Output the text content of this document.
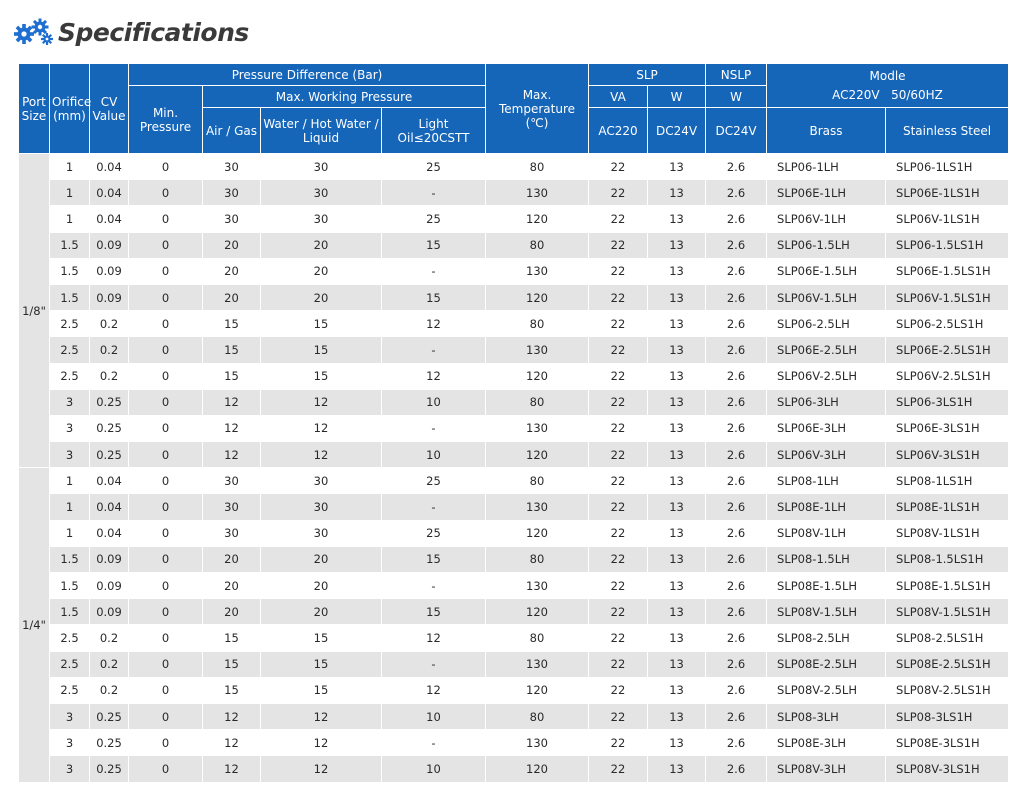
Specifications
Port Size	Orifice (mm)	CV Value	Pressure Difference (Bar)				Max. Temperature (℃)	SLP		NSLP	Modle
AC220V   50/60HZ	

			Min. Pressure	Max. Working Pressure				VA	W	W		
				Air / Gas	Water / Hot Water / Liquid	Light Oil≤20CSTT		AC220	DC24V	DC24V	Brass	Stainless Steel
1/8"	1	0.04	0	30	30	25	80	22	13	2.6	SLP06-1LH	SLP06-1LS1H
	1	0.04	0	30	30	-	130	22	13	2.6	SLP06E-1LH	SLP06E-1LS1H
	1	0.04	0	30	30	25	120	22	13	2.6	SLP06V-1LH	SLP06V-1LS1H
	1.5	0.09	0	20	20	15	80	22	13	2.6	SLP06-1.5LH	SLP06-1.5LS1H
	1.5	0.09	0	20	20	-	130	22	13	2.6	SLP06E-1.5LH	SLP06E-1.5LS1H
	1.5	0.09	0	20	20	15	120	22	13	2.6	SLP06V-1.5LH	SLP06V-1.5LS1H
	2.5	0.2	0	15	15	12	80	22	13	2.6	SLP06-2.5LH	SLP06-2.5LS1H
	2.5	0.2	0	15	15	-	130	22	13	2.6	SLP06E-2.5LH	SLP06E-2.5LS1H
	2.5	0.2	0	15	15	12	120	22	13	2.6	SLP06V-2.5LH	SLP06V-2.5LS1H
	3	0.25	0	12	12	10	80	22	13	2.6	SLP06-3LH	SLP06-3LS1H
	3	0.25	0	12	12	-	130	22	13	2.6	SLP06E-3LH	SLP06E-3LS1H
	3	0.25	0	12	12	10	120	22	13	2.6	SLP06V-3LH	SLP06V-3LS1H
1/4"	1	0.04	0	30	30	25	80	22	13	2.6	SLP08-1LH	SLP08-1LS1H
	1	0.04	0	30	30	-	130	22	13	2.6	SLP08E-1LH	SLP08E-1LS1H
	1	0.04	0	30	30	25	120	22	13	2.6	SLP08V-1LH	SLP08V-1LS1H
	1.5	0.09	0	20	20	15	80	22	13	2.6	SLP08-1.5LH	SLP08-1.5LS1H
	1.5	0.09	0	20	20	-	130	22	13	2.6	SLP08E-1.5LH	SLP08E-1.5LS1H
	1.5	0.09	0	20	20	15	120	22	13	2.6	SLP08V-1.5LH	SLP08V-1.5LS1H
	2.5	0.2	0	15	15	12	80	22	13	2.6	SLP08-2.5LH	SLP08-2.5LS1H
	2.5	0.2	0	15	15	-	130	22	13	2.6	SLP08E-2.5LH	SLP08E-2.5LS1H
	2.5	0.2	0	15	15	12	120	22	13	2.6	SLP08V-2.5LH	SLP08V-2.5LS1H
	3	0.25	0	12	12	10	80	22	13	2.6	SLP08-3LH	SLP08-3LS1H
	3	0.25	0	12	12	-	130	22	13	2.6	SLP08E-3LH	SLP08E-3LS1H
	3	0.25	0	12	12	10	120	22	13	2.6	SLP08V-3LH	SLP08V-3LS1H
